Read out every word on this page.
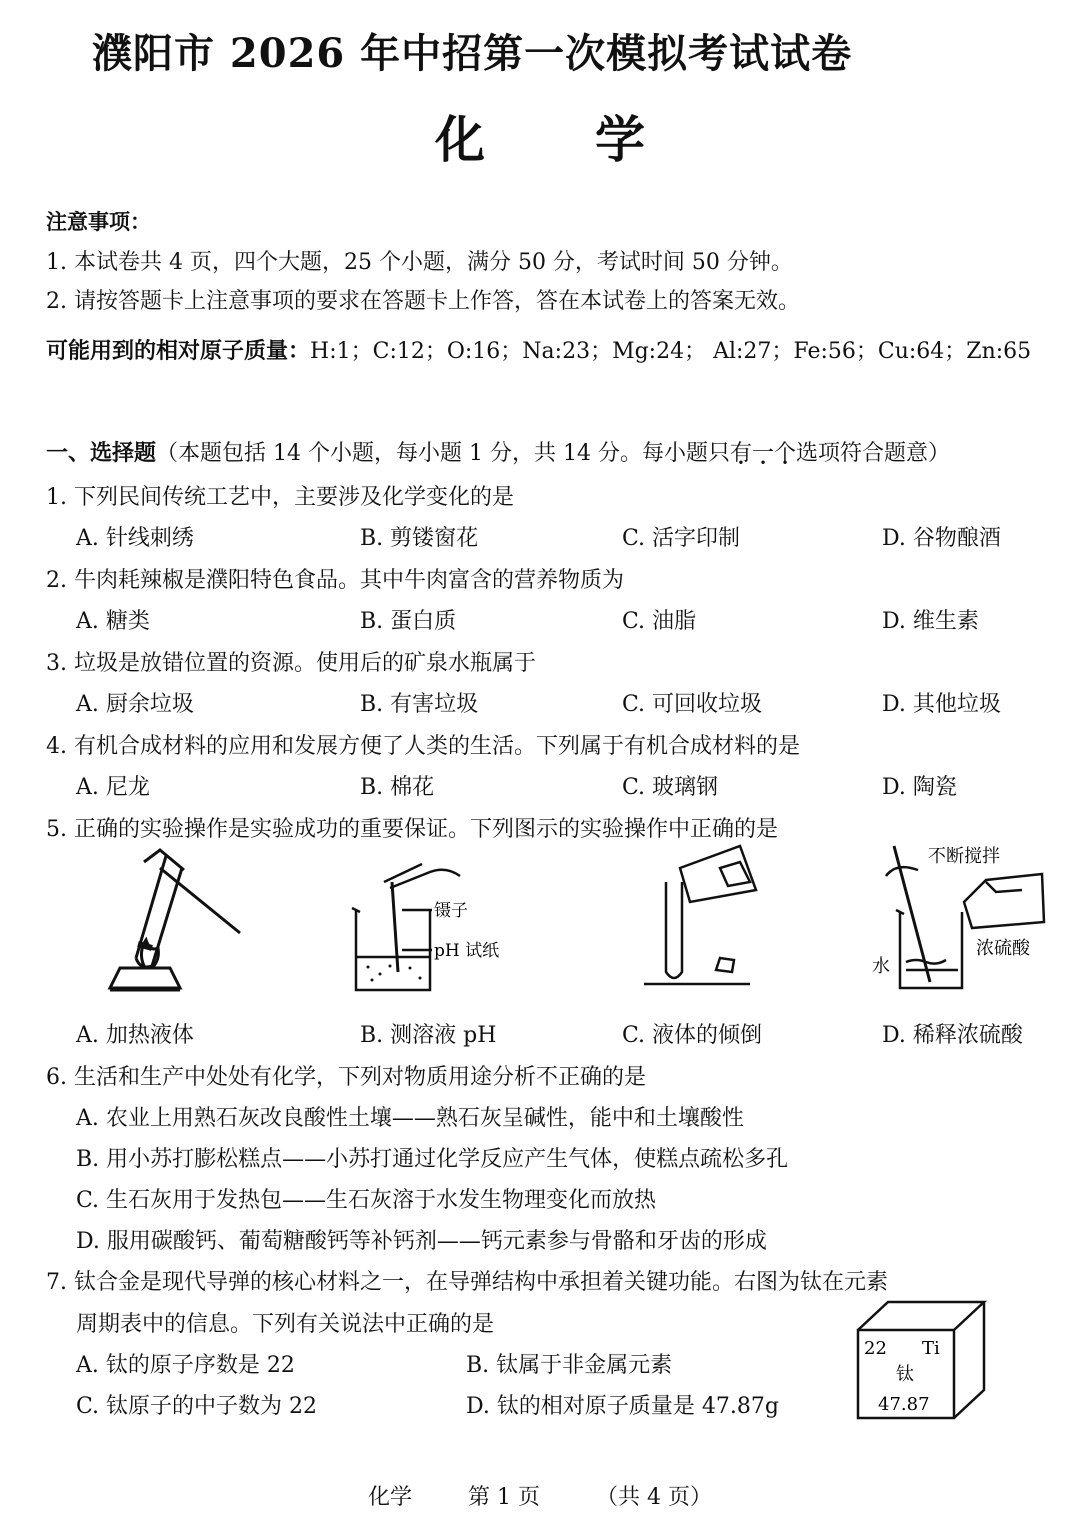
濮阳市 2026 年中招第一次模拟考试试卷
化学
注意事项：
1. 本试卷共 4 页，四个大题，25 个小题，满分 50 分，考试时间 50 分钟。
2. 请按答题卡上注意事项的要求在答题卡上作答，答在本试卷上的答案无效。
可能用到的相对原子质量：H:1；C:12；O:16；Na:23；Mg:24； Al:27；Fe:56；Cu:64；Zn:65
一、选择题（本题包括 14 个小题，每小题 1 分，共 14 分。每小题只有一个选项符合题意）
1. 下列民间传统工艺中，主要涉及化学变化的是
A. 针线刺绣	B. 剪镂窗花	C. 活字印制	D. 谷物酿酒
2. 牛肉耗辣椒是濮阳特色食品。其中牛肉富含的营养物质为
A. 糖类	B. 蛋白质	C. 油脂	D. 维生素
3. 垃圾是放错位置的资源。使用后的矿泉水瓶属于
A. 厨余垃圾	B. 有害垃圾	C. 可回收垃圾	D. 其他垃圾
4. 有机合成材料的应用和发展方便了人类的生活。下列属于有机合成材料的是
A. 尼龙	B. 棉花	C. 玻璃钢	D. 陶瓷
5. 正确的实验操作是实验成功的重要保证。下列图示的实验操作中正确的是
镊子
pH 试纸
不断搅拌
浓硫酸
水
A. 加热液体	B. 测溶液 pH	C. 液体的倾倒	D. 稀释浓硫酸
6. 生活和生产中处处有化学，下列对物质用途分析不正确的是
A. 农业上用熟石灰改良酸性土壤——熟石灰呈碱性，能中和土壤酸性
B. 用小苏打膨松糕点——小苏打通过化学反应产生气体，使糕点疏松多孔
C. 生石灰用于发热包——生石灰溶于水发生物理变化而放热
D. 服用碳酸钙、葡萄糖酸钙等补钙剂——钙元素参与骨骼和牙齿的形成
7. 钛合金是现代导弹的核心材料之一，在导弹结构中承担着关键功能。右图为钛在元素
周期表中的信息。下列有关说法中正确的是
A. 钛的原子序数是 22	B. 钛属于非金属元素
C. 钛原子的中子数为 22	D. 钛的相对原子质量是 47.87g
22 Ti
钛
47.87
化学	第 1 页	（共 4 页）
